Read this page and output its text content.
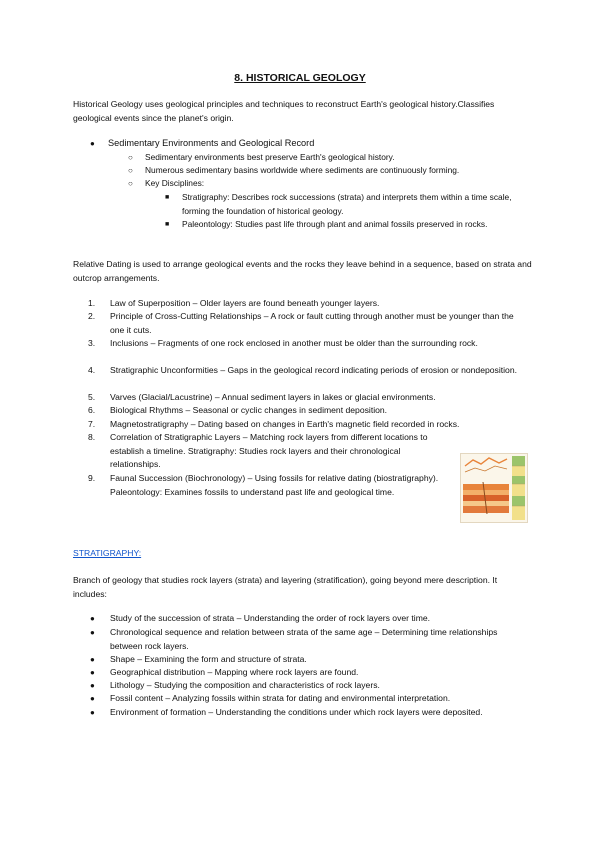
8. HISTORICAL GEOLOGY
Historical Geology uses geological principles and techniques to reconstruct Earth's geological history.Classifies geological events since the planet's origin.
● Sedimentary Environments and Geological Record
○ Sedimentary environments best preserve Earth's geological history.
○ Numerous sedimentary basins worldwide where sediments are continuously forming.
○ Key Disciplines:
■ Stratigraphy: Describes rock successions (strata) and interprets them within a time scale, forming the foundation of historical geology.
■ Paleontology: Studies past life through plant and animal fossils preserved in rocks.
Relative Dating is used to arrange geological events and the rocks they leave behind in a sequence, based on strata and outcrop arrangements.
1.	Law of Superposition – Older layers are found beneath younger layers.
2.	Principle of Cross-Cutting Relationships – A rock or fault cutting through another must be younger than the one it cuts.
3.	Inclusions – Fragments of one rock enclosed in another must be older than the surrounding rock.
4.	Stratigraphic Unconformities – Gaps in the geological record indicating periods of erosion or nondeposition.
5.	Varves (Glacial/Lacustrine) – Annual sediment layers in lakes or glacial environments.
6.	Biological Rhythms – Seasonal or cyclic changes in sediment deposition.
7.	Magnetostratigraphy – Dating based on changes in Earth's magnetic field recorded in rocks.
8.	Correlation of Stratigraphic Layers – Matching rock layers from different locations to establish a timeline. Stratigraphy: Studies rock layers and their chronological relationships.
9.	Faunal Succession (Biochronology) – Using fossils for relative dating (biostratigraphy). Paleontology: Examines fossils to understand past life and geological time.
STRATIGRAPHY:
Branch of geology that studies rock layers (strata) and layering (stratification), going beyond mere description. It includes:
● Study of the succession of strata – Understanding the order of rock layers over time.
● Chronological sequence and relation between strata of the same age – Determining time relationships between rock layers.
● Shape – Examining the form and structure of strata.
● Geographical distribution – Mapping where rock layers are found.
● Lithology – Studying the composition and characteristics of rock layers.
● Fossil content – Analyzing fossils within strata for dating and environmental interpretation.
● Environment of formation – Understanding the conditions under which rock layers were deposited.
